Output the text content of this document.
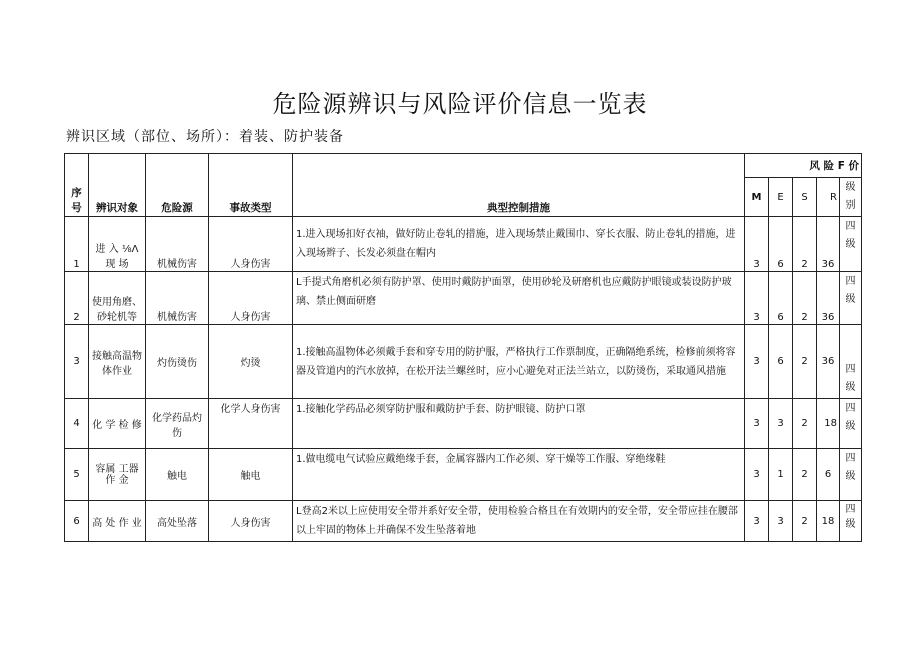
危险源辨识与风险评价信息一览表
辨识区域（部位、场所）：着装、防护装备
序号	辨识对象	危险源	事故类型	典型控制措施	风 险 F 价				
					M	E	S	R	级别
1	进 入 ⅛Λ 现 场	机械伤害	人身伤害	1.进入现场扣好衣袖，做好防止卷轧的措施，进入现场禁止戴围巾、穿长衣服、防止卷轧的措施，进入现场辫子、长发必须盘在帽内	3	6	2	36	四级
2	使用角磨、砂轮机等	机械伤害	人身伤害	L手提式角磨机必须有防护罩、使用时戴防护面罩，使用砂轮及研磨机也应戴防护眼镜或装设防护玻璃、禁止侧面研磨	3	6	2	36	四级
3	接触高温物体作业	灼伤烫伤	灼烫	1.接触高温物体必须戴手套和穿专用的防护服，严格执行工作票制度，正确隔绝系统，检修前须将容器及管道内的汽水放掉，在松开法兰螺丝时，应小心避免对正法兰站立，以防烫伤，采取通风措施	3	6	2	36	四级
4	化 学 检 修	化学药品灼伤	化学人身伤害	1.接触化学药品必须穿防护服和戴防护手套、防护眼镜、防护口罩	3	3	2	18	四级
5	容属 工器 作 金	触电	触电	1.做电缆电气试验应戴绝缘手套，金属容器内工作必须、穿干燥等工作服、穿绝缘鞋	3	1	2	6	四级
6	高 处 作 业	高处坠落	人身伤害	L登高2米以上应使用安全带并系好安全带，使用检验合格且在有效期内的安全带，安全带应挂在腰部以上牢固的物体上并确保不发生坠落着地	3	3	2	18	四级
